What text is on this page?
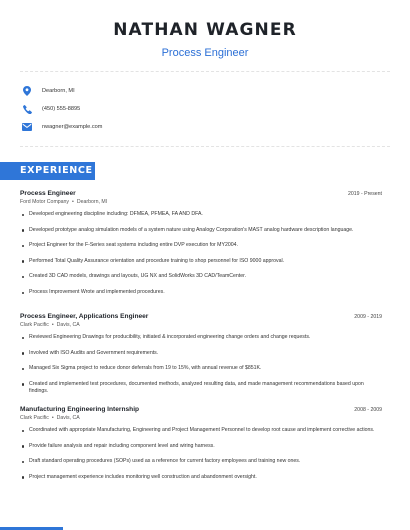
NATHAN WAGNER
Process Engineer
Dearborn, MI
(450) 555-8895
nwagner@example.com
EXPERIENCE
Process Engineer	2019 - Present
Ford Motor Company • Dearborn, MI
Developed engineering discipline including: DFMEA, PFMEA, FA AND DFA.
Developed prototype analog simulation models of a system nature using Analogy Corporation's MAST analog hardware description language.
Project Engineer for the F-Series seat systems including entire DVP execution for MY2004.
Performed Total Quality Assurance orientation and procedure training to shop personnel for ISO 9000 approval.
Created 3D CAD models, drawings and layouts, UG NX and SolidWorks 3D CAD/TeamCenter.
Process Improvement Wrote and implemented procedures.
Process Engineer, Applications Engineer	2009 - 2019
Clark Pacific • Davis, CA
Reviewed Engineering Drawings for producibility, initiated & incorporated engineering change orders and change requests.
Involved with ISO Audits and Government requirements.
Managed Six Sigma project to reduce donor deferrals from 19 to 15%, with annual revenue of $851K.
Created and implemented test procedures, documented methods, analyzed resulting data, and made management recommendations based upon findings.
Manufacturing Engineering Internship	2008 - 2009
Clark Pacific • Davis, CA
Coordinated with appropriate Manufacturing, Engineering and Project Management Personnel to develop root cause and implement corrective actions.
Provide failure analysis and repair including component level and wiring harness.
Draft standard operating procedures (SOPs) used as a reference for current factory employees and training new ones.
Project management experience includes monitoring well construction and abandonment oversight.
